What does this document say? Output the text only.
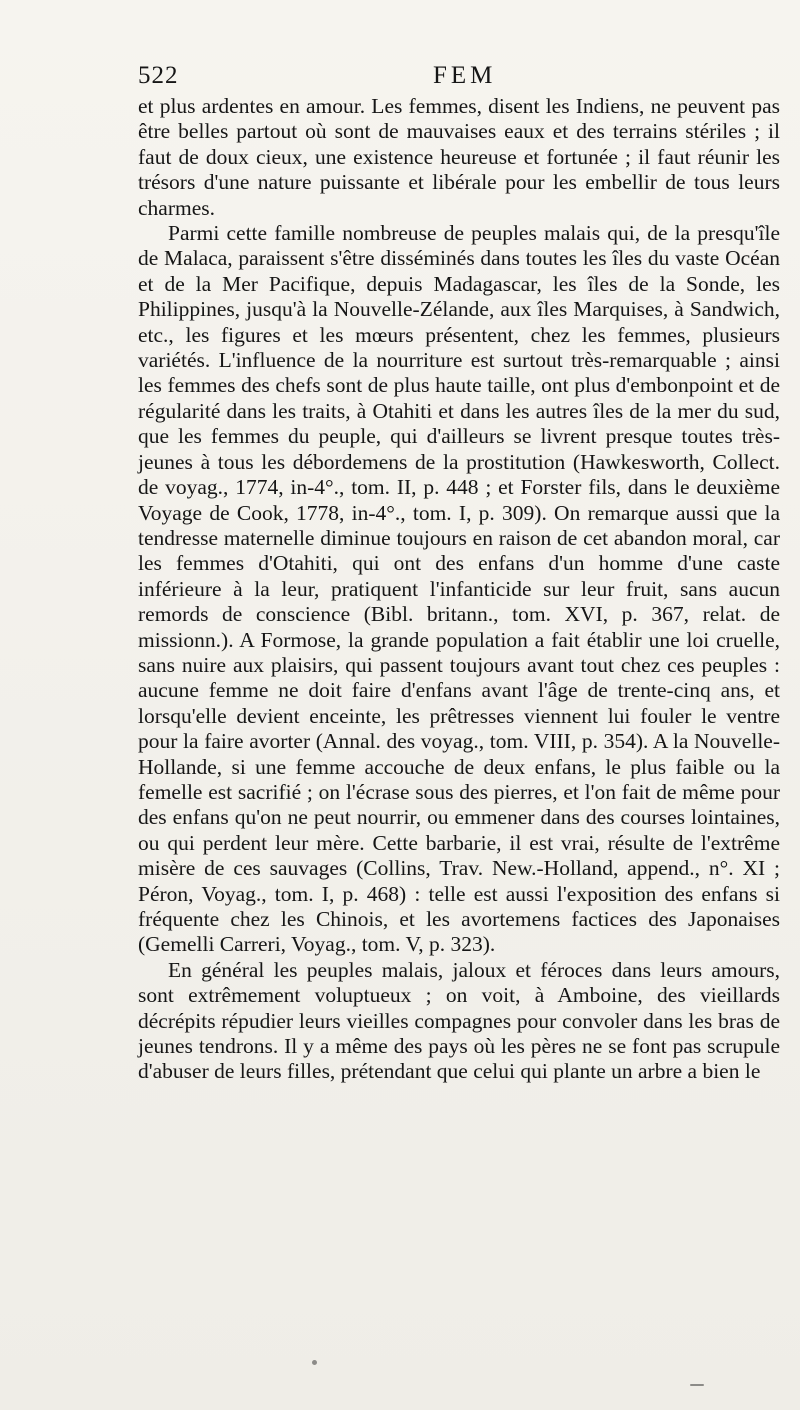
522	FEM

et plus ardentes en amour. Les femmes, disent les Indiens, ne peuvent pas être belles partout où sont de mauvaises eaux et des terrains stériles ; il faut de doux cieux, une existence heureuse et fortunée ; il faut réunir les trésors d'une nature puissante et libérale pour les embellir de tous leurs charmes.

Parmi cette famille nombreuse de peuples malais qui, de la presqu'île de Malaca, paraissent s'être disséminés dans toutes les îles du vaste Océan et de la Mer Pacifique, depuis Madagascar, les îles de la Sonde, les Philippines, jusqu'à la Nouvelle-Zélande, aux îles Marquises, à Sandwich, etc., les figures et les mœurs présentent, chez les femmes, plusieurs variétés. L'influence de la nourriture est surtout très-remarquable ; ainsi les femmes des chefs sont de plus haute taille, ont plus d'embonpoint et de régularité dans les traits, à Otahiti et dans les autres îles de la mer du sud, que les femmes du peuple, qui d'ailleurs se livrent presque toutes très-jeunes à tous les débordemens de la prostitution (Hawkesworth, Collect. de voyag., 1774, in-4°., tom. II, p. 448 ; et Forster fils, dans le deuxième Voyage de Cook, 1778, in-4°., tom. I, p. 309). On remarque aussi que la tendresse maternelle diminue toujours en raison de cet abandon moral, car les femmes d'Otahiti, qui ont des enfans d'un homme d'une caste inférieure à la leur, pratiquent l'infanticide sur leur fruit, sans aucun remords de conscience (Bibl. britann., tom. XVI, p. 367, relat. de missionn.). A Formose, la grande population a fait établir une loi cruelle, sans nuire aux plaisirs, qui passent toujours avant tout chez ces peuples : aucune femme ne doit faire d'enfans avant l'âge de trente-cinq ans, et lorsqu'elle devient enceinte, les prêtresses viennent lui fouler le ventre pour la faire avorter (Annal. des voyag., tom. VIII, p. 354). A la Nouvelle-Hollande, si une femme accouche de deux enfans, le plus faible ou la femelle est sacrifié ; on l'écrase sous des pierres, et l'on fait de même pour des enfans qu'on ne peut nourrir, ou emmener dans des courses lointaines, ou qui perdent leur mère. Cette barbarie, il est vrai, résulte de l'extrême misère de ces sauvages (Collins, Trav. New.-Holland, append., n°. XI ; Péron, Voyag., tom. I, p. 468) : telle est aussi l'exposition des enfans si fréquente chez les Chinois, et les avortemens factices des Japonaises (Gemelli Carreri, Voyag., tom. V, p. 323).

En général les peuples malais, jaloux et féroces dans leurs amours, sont extrêmement voluptueux ; on voit, à Amboine, des vieillards décrépits répudier leurs vieilles compagnes pour convoler dans les bras de jeunes tendrons. Il y a même des pays où les pères ne se font pas scrupule d'abuser de leurs filles, prétendant que celui qui plante un arbre a bien le
